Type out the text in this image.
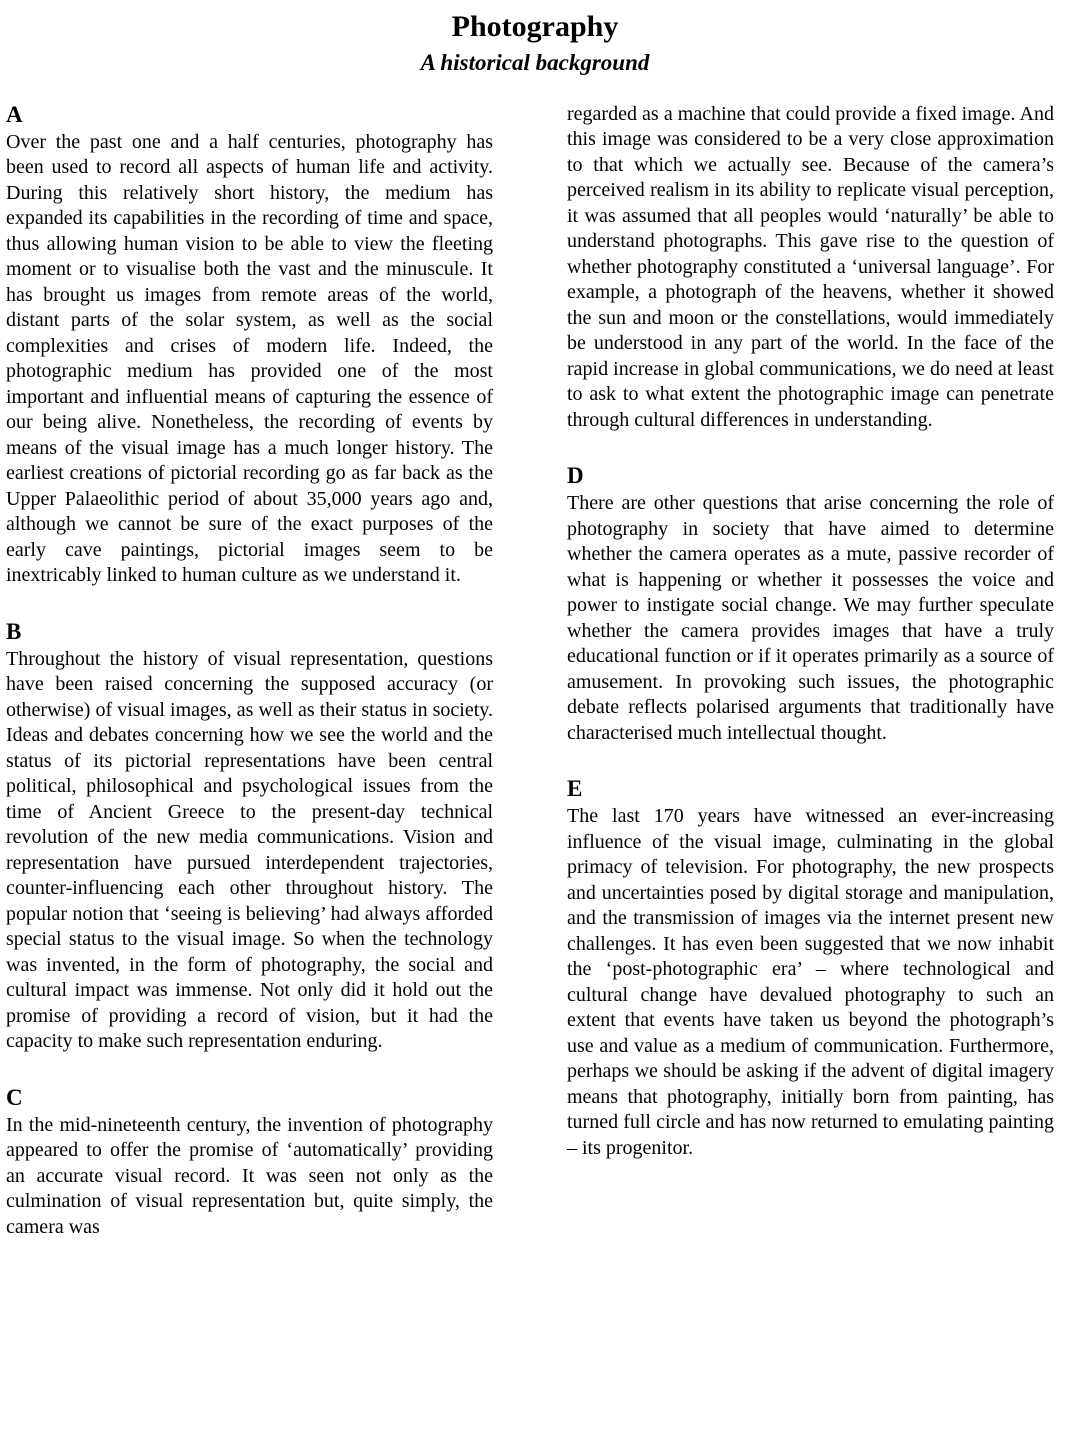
Photography
A historical background
A

Over the past one and a half centuries, photography has been used to record all aspects of human life and activity. During this relatively short history, the medium has expanded its capabilities in the recording of time and space, thus allowing human vision to be able to view the fleeting moment or to visualise both the vast and the minuscule. It has brought us images from remote areas of the world, distant parts of the solar system, as well as the social complexities and crises of modern life. Indeed, the photographic medium has provided one of the most important and influential means of capturing the essence of our being alive. Nonetheless, the recording of events by means of the visual image has a much longer history. The earliest creations of pictorial recording go as far back as the Upper Palaeolithic period of about 35,000 years ago and, although we cannot be sure of the exact purposes of the early cave paintings, pictorial images seem to be inextricably linked to human culture as we understand it.

B

Throughout the history of visual representation, questions have been raised concerning the supposed accuracy (or otherwise) of visual images, as well as their status in society. Ideas and debates concerning how we see the world and the status of its pictorial representations have been central political, philosophical and psychological issues from the time of Ancient Greece to the present-day technical revolution of the new media communications. Vision and representation have pursued interdependent trajectories, counter-influencing each other throughout history. The popular notion that ‘seeing is believing’ had always afforded special status to the visual image. So when the technology was invented, in the form of photography, the social and cultural impact was immense. Not only did it hold out the promise of providing a record of vision, but it had the capacity to make such representation enduring.

C

In the mid-nineteenth century, the invention of photography appeared to offer the promise of ‘automatically’ providing an accurate visual record. It was seen not only as the culmination of visual representation but, quite simply, the camera was

regarded as a machine that could provide a fixed image. And this image was considered to be a very close approximation to that which we actually see. Because of the camera’s perceived realism in its ability to replicate visual perception, it was assumed that all peoples would ‘naturally’ be able to understand photographs. This gave rise to the question of whether photography constituted a ‘universal language’. For example, a photograph of the heavens, whether it showed the sun and moon or the constellations, would immediately be understood in any part of the world. In the face of the rapid increase in global communications, we do need at least to ask to what extent the photographic image can penetrate through cultural differences in understanding.

D

There are other questions that arise concerning the role of photography in society that have aimed to determine whether the camera operates as a mute, passive recorder of what is happening or whether it possesses the voice and power to instigate social change. We may further speculate whether the camera provides images that have a truly educational function or if it operates primarily as a source of amusement. In provoking such issues, the photographic debate reflects polarised arguments that traditionally have characterised much intellectual thought.

E

The last 170 years have witnessed an ever-increasing influence of the visual image, culminating in the global primacy of television. For photography, the new prospects and uncertainties posed by digital storage and manipulation, and the transmission of images via the internet present new challenges. It has even been suggested that we now inhabit the ‘post-photographic era’ – where technological and cultural change have devalued photography to such an extent that events have taken us beyond the photograph’s use and value as a medium of communication. Furthermore, perhaps we should be asking if the advent of digital imagery means that photography, initially born from painting, has turned full circle and has now returned to emulating painting – its progenitor.
